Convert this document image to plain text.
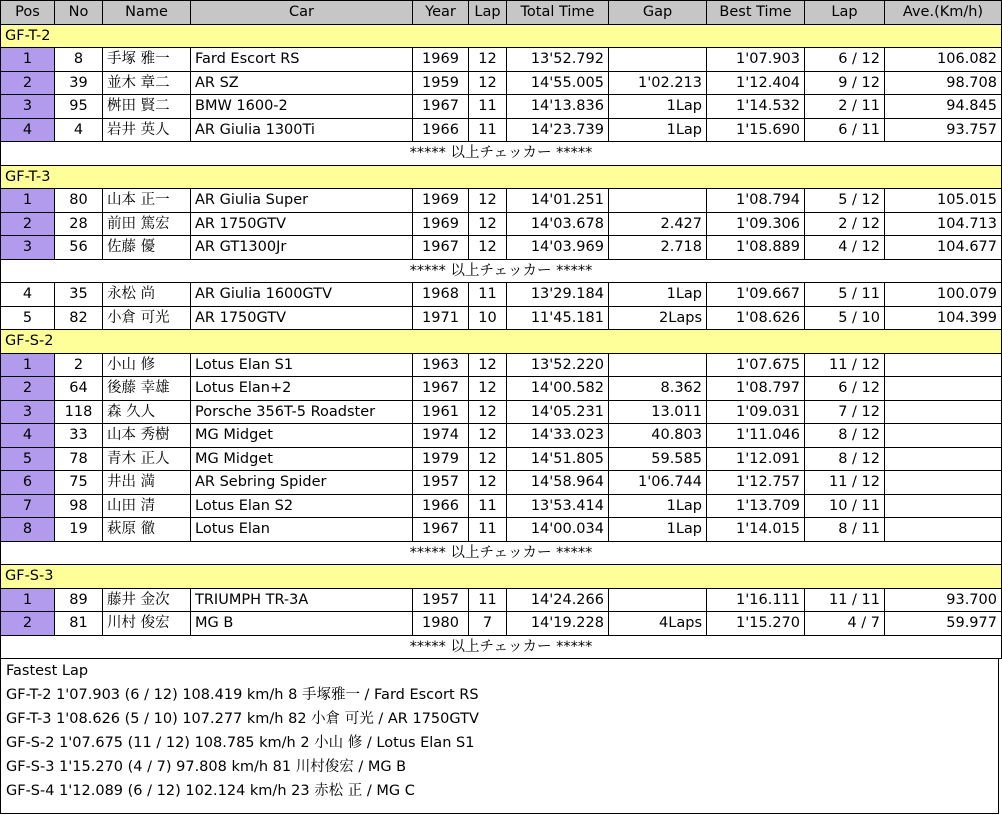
Pos	No	Name	Car	Year	Lap	Total Time	Gap	Best Time	Lap	Ave.(Km/h)
GF-T-2										
1	8	手塚 雅一	Fard Escort RS	1969	12	13'52.792		1'07.903	6 / 12	106.082
2	39	並木 章二	AR SZ	1959	12	14'55.005	1'02.213	1'12.404	9 / 12	98.708
3	95	桝田 賢二	BMW 1600-2	1967	11	14'13.836	1Lap	1'14.532	2 / 11	94.845
4	4	岩井 英人	AR Giulia 1300Ti	1966	11	14'23.739	1Lap	1'15.690	6 / 11	93.757
***** 以上チェッカー *****										
GF-T-3										
1	80	山本 正一	AR Giulia Super	1969	12	14'01.251		1'08.794	5 / 12	105.015
2	28	前田 篤宏	AR 1750GTV	1969	12	14'03.678	2.427	1'09.306	2 / 12	104.713
3	56	佐藤 優	AR GT1300Jr	1967	12	14'03.969	2.718	1'08.889	4 / 12	104.677
***** 以上チェッカー *****										
4	35	永松 尚	AR Giulia 1600GTV	1968	11	13'29.184	1Lap	1'09.667	5 / 11	100.079
5	82	小倉 可光	AR 1750GTV	1971	10	11'45.181	2Laps	1'08.626	5 / 10	104.399
GF-S-2										
1	2	小山 修	Lotus Elan S1	1963	12	13'52.220		1'07.675	11 / 12	
2	64	後藤 幸雄	Lotus Elan+2	1967	12	14'00.582	8.362	1'08.797	6 / 12	
3	118	森 久人	Porsche 356T-5 Roadster	1961	12	14'05.231	13.011	1'09.031	7 / 12	
4	33	山本 秀樹	MG Midget	1974	12	14'33.023	40.803	1'11.046	8 / 12	
5	78	青木 正人	MG Midget	1979	12	14'51.805	59.585	1'12.091	8 / 12	
6	75	井出 満	AR Sebring Spider	1957	12	14'58.964	1'06.744	1'12.757	11 / 12	
7	98	山田 清	Lotus Elan S2	1966	11	13'53.414	1Lap	1'13.709	10 / 11	
8	19	萩原 徹	Lotus Elan	1967	11	14'00.034	1Lap	1'14.015	8 / 11	
***** 以上チェッカー *****										
GF-S-3										
1	89	藤井 金次	TRIUMPH TR-3A	1957	11	14'24.266		1'16.111	11 / 11	93.700
2	81	川村 俊宏	MG B	1980	7	14'19.228	4Laps	1'15.270	4 / 7	59.977
***** 以上チェッカー *****										
Fastest Lap
GF-T-2 1'07.903 (6 / 12) 108.419 km/h 8 手塚雅一 / Fard Escort RS
GF-T-3 1'08.626 (5 / 10) 107.277 km/h 82 小倉 可光 / AR 1750GTV
GF-S-2 1'07.675 (11 / 12) 108.785 km/h 2 小山 修 / Lotus Elan S1
GF-S-3 1'15.270 (4 / 7) 97.808 km/h 81 川村俊宏 / MG B
GF-S-4 1'12.089 (6 / 12) 102.124 km/h 23 赤松 正 / MG C
